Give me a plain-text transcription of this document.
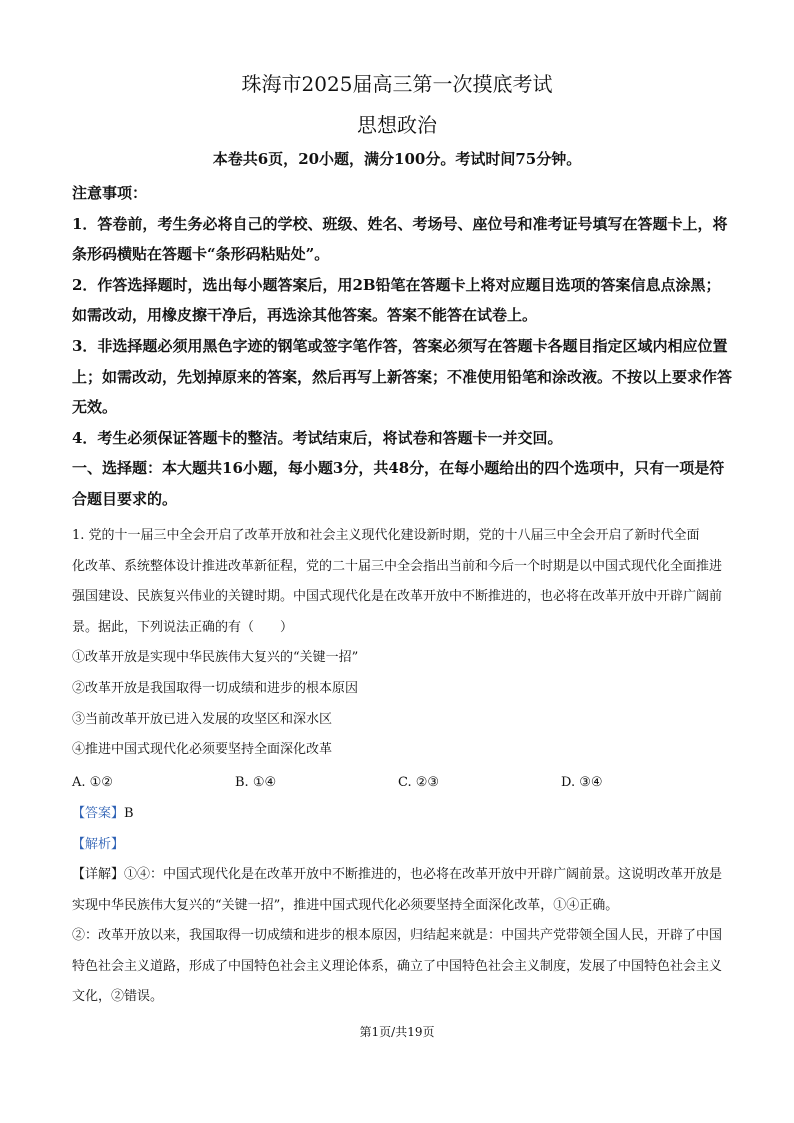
珠海市2025届高三第一次摸底考试
思想政治
本卷共6页，20小题，满分100分。考试时间75分钟。

注意事项：

1．答卷前，考生务必将自己的学校、班级、姓名、考场号、座位号和准考证号填写在答题卡上，将条形码横贴在答题卡“条形码粘贴处”。

2．作答选择题时，选出每小题答案后，用2B铅笔在答题卡上将对应题目选项的答案信息点涂黑；如需改动，用橡皮擦干净后，再选涂其他答案。答案不能答在试卷上。

3．非选择题必须用黑色字迹的钢笔或签字笔作答，答案必须写在答题卡各题目指定区域内相应位置上；如需改动，先划掉原来的答案，然后再写上新答案；不准使用铅笔和涂改液。不按以上要求作答无效。

4．考生必须保证答题卡的整洁。考试结束后，将试卷和答题卡一并交回。

一、选择题：本大题共16小题，每小题3分，共48分，在每小题给出的四个选项中，只有一项是符合题目要求的。

1. 党的十一届三中全会开启了改革开放和社会主义现代化建设新时期，党的十八届三中全会开启了新时代全面　化改革、系统整体设计推进改革新征程，党的二十届三中全会指出当前和今后一个时期是以中国式现代化全面推进强国建设、民族复兴伟业的关键时期。中国式现代化是在改革开放中不断推进的，也必将在改革开放中开辟广阔前景。据此，下列说法正确的有（　　）

①改革开放是实现中华民族伟大复兴的“关键一招”

②改革开放是我国取得一切成绩和进步的根本原因

③当前改革开放已进入发展的攻坚区和深水区

④推进中国式现代化必须要坚持全面深化改革

A. ①②	B. ①④	C. ②③	D. ③④

【答案】B

【解析】

【详解】①④：中国式现代化是在改革开放中不断推进的，也必将在改革开放中开辟广阔前景。这说明改革开放是实现中华民族伟大复兴的“关键一招”，推进中国式现代化必须要坚持全面深化改革，①④正确。

②：改革开放以来，我国取得一切成绩和进步的根本原因，归结起来就是：中国共产党带领全国人民，开辟了中国特色社会主义道路，形成了中国特色社会主义理论体系，确立了中国特色社会主义制度，发展了中国特色社会主义文化，②错误。

第1页/共19页
